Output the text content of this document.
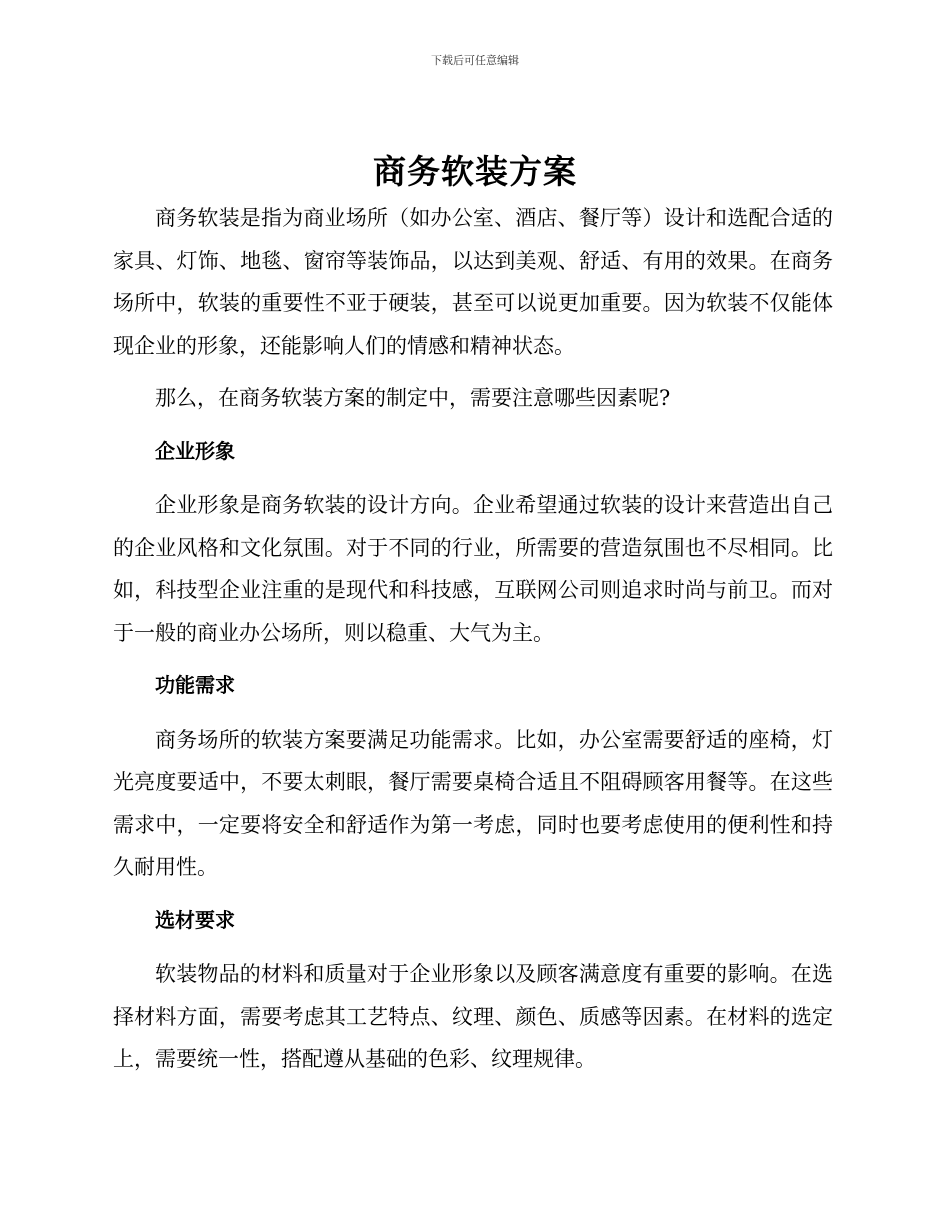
下载后可任意编辑
商务软装方案

商务软装是指为商业场所（如办公室、酒店、餐厅等）设计和选配合适的家具、灯饰、地毯、窗帘等装饰品，以达到美观、舒适、有用的效果。在商务场所中，软装的重要性不亚于硬装，甚至可以说更加重要。因为软装不仅能体现企业的形象，还能影响人们的情感和精神状态。

那么，在商务软装方案的制定中，需要注意哪些因素呢?

企业形象

企业形象是商务软装的设计方向。企业希望通过软装的设计来营造出自己的企业风格和文化氛围。对于不同的行业，所需要的营造氛围也不尽相同。比如，科技型企业注重的是现代和科技感，互联网公司则追求时尚与前卫。而对于一般的商业办公场所，则以稳重、大气为主。

功能需求

商务场所的软装方案要满足功能需求。比如，办公室需要舒适的座椅，灯光亮度要适中，不要太刺眼，餐厅需要桌椅合适且不阻碍顾客用餐等。在这些需求中，一定要将安全和舒适作为第一考虑，同时也要考虑使用的便利性和持久耐用性。

选材要求

软装物品的材料和质量对于企业形象以及顾客满意度有重要的影响。在选择材料方面，需要考虑其工艺特点、纹理、颜色、质感等因素。在材料的选定上，需要统一性，搭配遵从基础的色彩、纹理规律。
